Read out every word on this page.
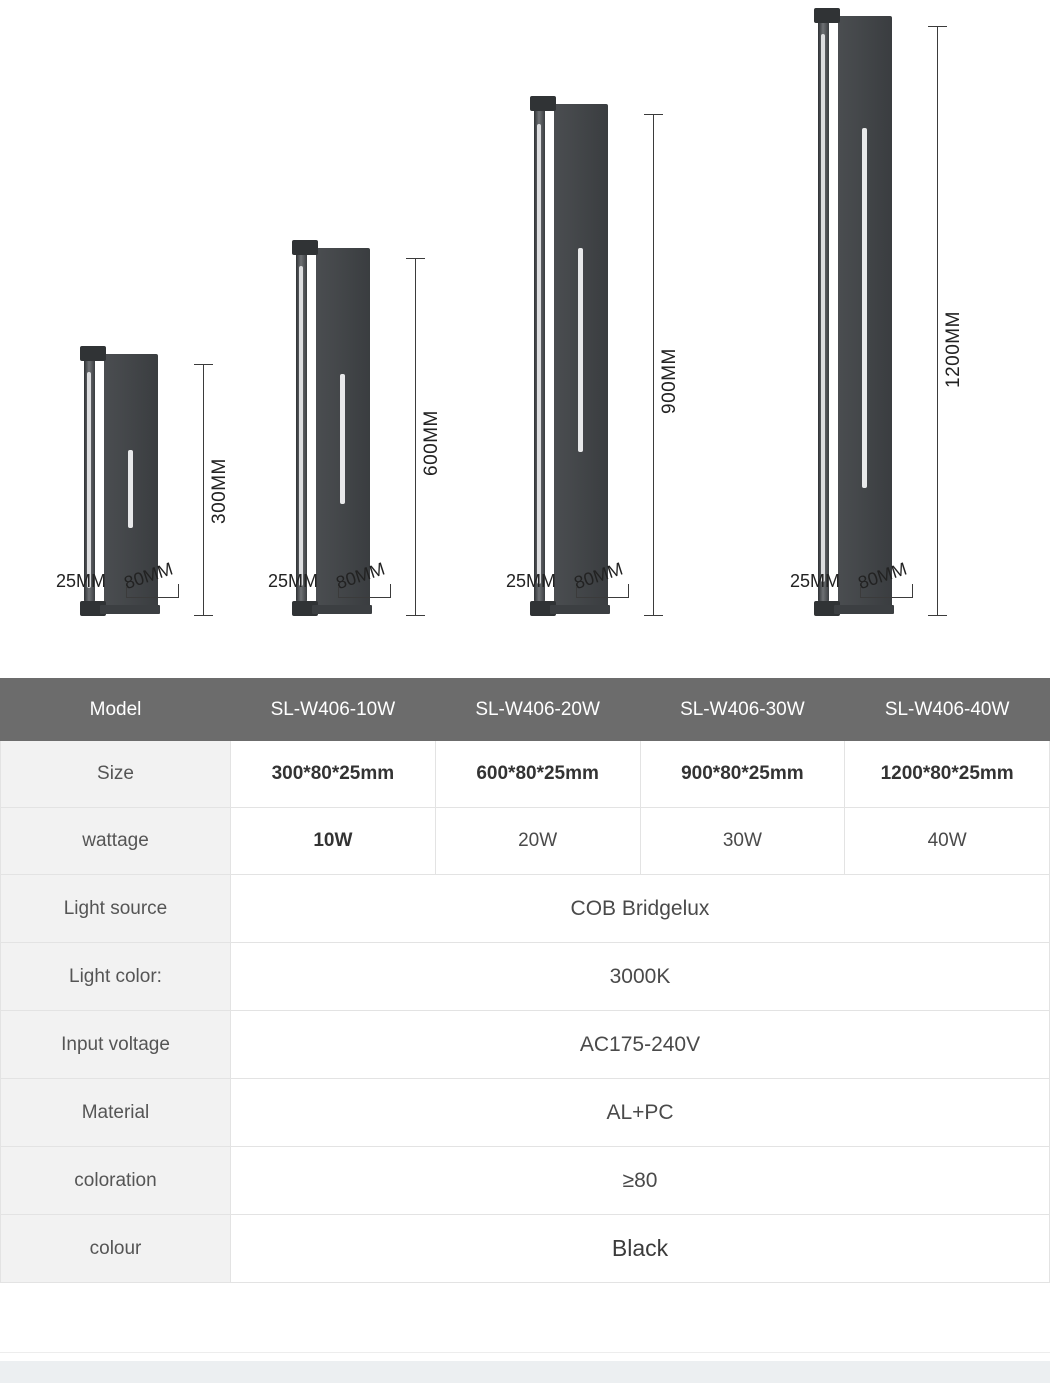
300MM
25MM 80MM
600MM
25MM 80MM
900MM
25MM 80MM
1200MM
25MM 80MM
Model	SL-W406-10W	SL-W406-20W	SL-W406-30W	SL-W406-40W
Size	300*80*25mm	600*80*25mm	900*80*25mm	1200*80*25mm
wattage	10W	20W	30W	40W
Light source	COB Bridgelux			
Light color:	3000K			
Input voltage	AC175-240V			
Material	AL+PC			
coloration	≥80			
colour	Black			
